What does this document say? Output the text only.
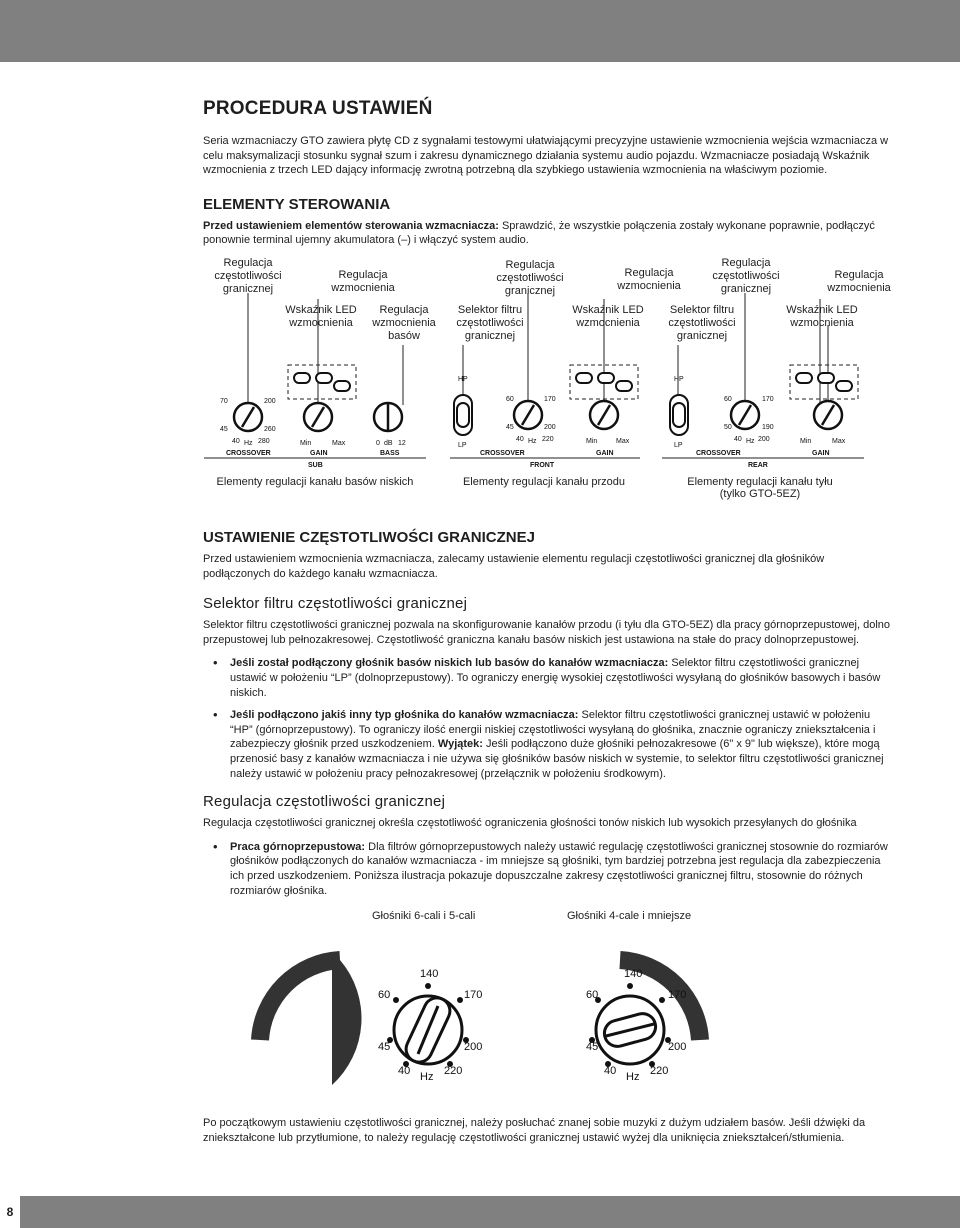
PROCEDURA USTAWIEŃ

Seria wzmacniaczy GTO zawiera płytę CD z sygnałami testowymi ułatwiającymi precyzyjne ustawienie wzmocnienia wejścia wzmacniacza w celu maksymalizacji stosunku sygnał szum i zakresu dynamicznego działania systemu audio pojazdu. Wzmacniacze posiadają Wskaźnik wzmocnienia z trzech LED dający informację zwrotną potrzebną dla szybkiego ustawienia wzmocnienia na właściwym poziomie.

ELEMENTY STEROWANIA

Przed ustawieniem elementów sterowania wzmacniacza: Sprawdzić, że wszystkie połączenia zostały wykonane poprawnie, podłączyć ponownie terminal ujemny akumulatora (–) i włączyć system audio.

70	200
45	260
40 Hz 280	Min	Max	0 dB 12
CROSSOVER	GAIN	BASS
SUB
HP
LP
60	170
45	200
40 Hz 220	Min	Max
CROSSOVER	GAIN
FRONT
HP
LP
60	170
50	190
40 Hz 200	Min	Max
CROSSOVER	GAIN
REAR
Regulacja
częstotliwości
granicznej
Regulacja
wzmocnienia
Wskaźnik LED
wzmocnienia
Regulacja
wzmocnienia
basów
Selektor filtru
częstotliwości
granicznej
Regulacja
częstotliwości
granicznej
Regulacja
wzmocnienia
Wskaźnik LED
wzmocnienia
Selektor filtru
częstotliwości
granicznej
Regulacja
częstotliwości
granicznej
Wskaźnik LED
wzmocnienia
Regulacja
wzmocnienia
Elementy regulacji kanału basów niskich	Elementy regulacji kanału przodu	Elementy regulacji kanału tyłu
(tylko GTO-5EZ)
USTAWIENIE CZĘSTOTLIWOŚCI GRANICZNEJ

Przed ustawieniem wzmocnienia wzmacniacza, zalecamy ustawienie elementu regulacji częstotliwości granicznej dla głośników podłączonych do każdego kanału wzmacniacza.

Selektor filtru częstotliwości granicznej

Selektor filtru częstotliwości granicznej pozwala na skonfigurowanie kanałów przodu (i tyłu dla GTO-5EZ) dla pracy górnoprzepustowej, dolno przepustowej lub pełnozakresowej. Częstotliwość graniczna kanału basów niskich jest ustawiona na stałe do pracy dolnoprzepustowej.

• Jeśli został podłączony głośnik basów niskich lub basów do kanałów wzmacniacza: Selektor filtru częstotliwości granicznej ustawić w położeniu “LP” (dolnoprzepustowy). To ograniczy energię wysokiej częstotliwości wysyłaną do głośników basowych i basów niskich.
• Jeśli podłączono jakiś inny typ głośnika do kanałów wzmacniacza: Selektor filtru częstotliwości granicznej ustawić w położeniu “HP” (górnoprzepustowy). To ograniczy ilość energii niskiej częstotliwości wysyłaną do głośnika, znacznie ograniczy zniekształcenia i zabezpieczy głośnik przed uszkodzeniem. Wyjątek: Jeśli podłączono duże głośniki pełnozakresowe (6" x 9" lub większe), które mogą przenosić basy z kanałów wzmacniacza i nie używa się głośników basów niskich w systemie, to selektor filtru częstotliwości granicznej należy ustawić w położeniu pracy pełnozakresowej (przełącznik w położeniu środkowym).
Regulacja częstotliwości granicznej

Regulacja częstotliwości granicznej określa częstotliwość ograniczenia głośności tonów niskich lub wysokich przesyłanych do głośnika

• Praca górnoprzepustowa: Dla filtrów górnoprzepustowych należy ustawić regulację częstotliwości granicznej stosownie do rozmiarów głośników podłączonych do kanałów wzmacniacza - im mniejsze są głośniki, tym bardziej potrzebna jest regulacja dla zabezpieczenia ich przed uszkodzeniem. Poniższa ilustracja pokazuje dopuszczalne zakresy częstotliwości granicznej filtru, stosownie do różnych rozmiarów głośnika.
Głośniki 6-cali i 5-cali	Głośniki 4-cale i mniejsze
140
60	170
45	200
40 Hz 220
140
60	170
45	200
40 Hz 220

Po początkowym ustawieniu częstotliwości granicznej, należy posłuchać znanej sobie muzyki z dużym udziałem basów. Jeśli dźwięki da zniekształcone lub przytłumione, to należy regulację częstotliwości granicznej ustawić wyżej dla uniknięcia zniekształceń/stłumienia.

8
